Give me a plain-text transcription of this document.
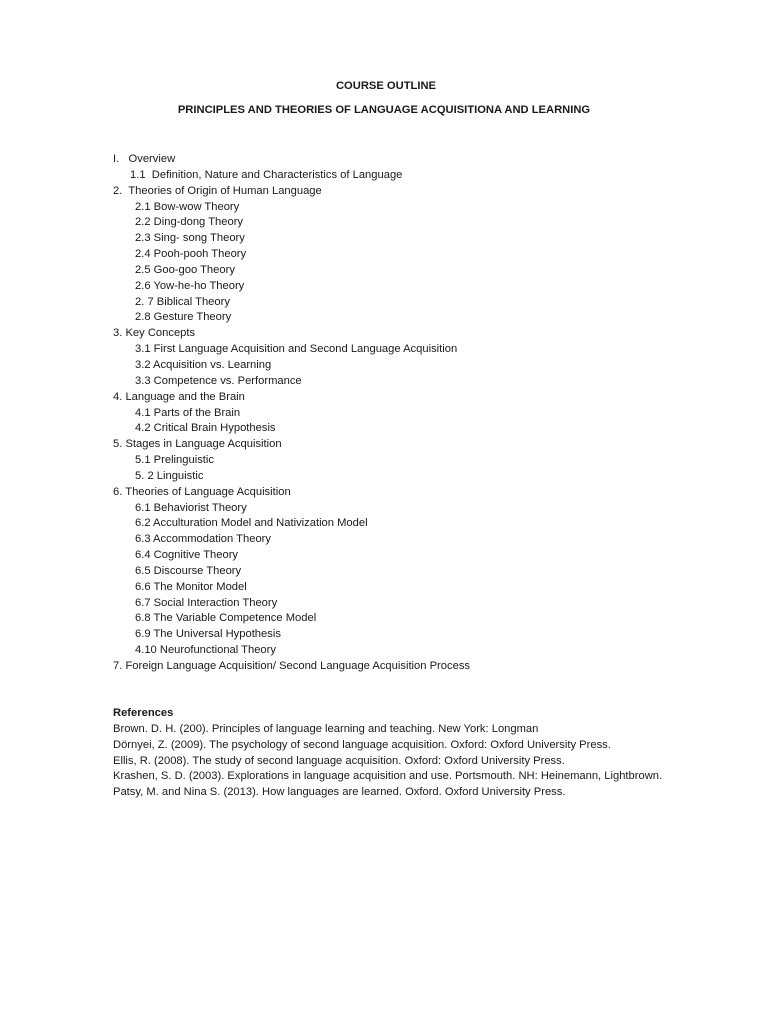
COURSE OUTLINE

PRINCIPLES AND THEORIES OF LANGUAGE ACQUISITIONA AND LEARNING

I.   Overview
1.1  Definition, Nature and Characteristics of Language
2.  Theories of Origin of Human Language
2.1 Bow-wow Theory
2.2 Ding-dong Theory
2.3 Sing- song Theory
2.4 Pooh-pooh Theory
2.5 Goo-goo Theory
2.6 Yow-he-ho Theory
2. 7 Biblical Theory
2.8 Gesture Theory
3. Key Concepts
3.1 First Language Acquisition and Second Language Acquisition
3.2 Acquisition vs. Learning
3.3 Competence vs. Performance
4. Language and the Brain
4.1 Parts of the Brain
4.2 Critical Brain Hypothesis
5. Stages in Language Acquisition
5.1 Prelinguistic
5. 2 Linguistic
6. Theories of Language Acquisition
6.1 Behaviorist Theory
6.2 Acculturation Model and Nativization Model
6.3 Accommodation Theory
6.4 Cognitive Theory
6.5 Discourse Theory
6.6 The Monitor Model
6.7 Social Interaction Theory
6.8 The Variable Competence Model
6.9 The Universal Hypothesis
4.10 Neurofunctional Theory
7. Foreign Language Acquisition/ Second Language Acquisition Process
References
Brown. D. H. (200). Principles of language learning and teaching. New York: Longman
Dörnyei, Z. (2009). The psychology of second language acquisition. Oxford: Oxford University Press.
Ellis, R. (2008). The study of second language acquisition. Oxford: Oxford University Press.
Krashen, S. D. (2003). Explorations in language acquisition and use. Portsmouth. NH: Heinemann, Lightbrown.
Patsy, M. and Nina S. (2013). How languages are learned. Oxford. Oxford University Press.
